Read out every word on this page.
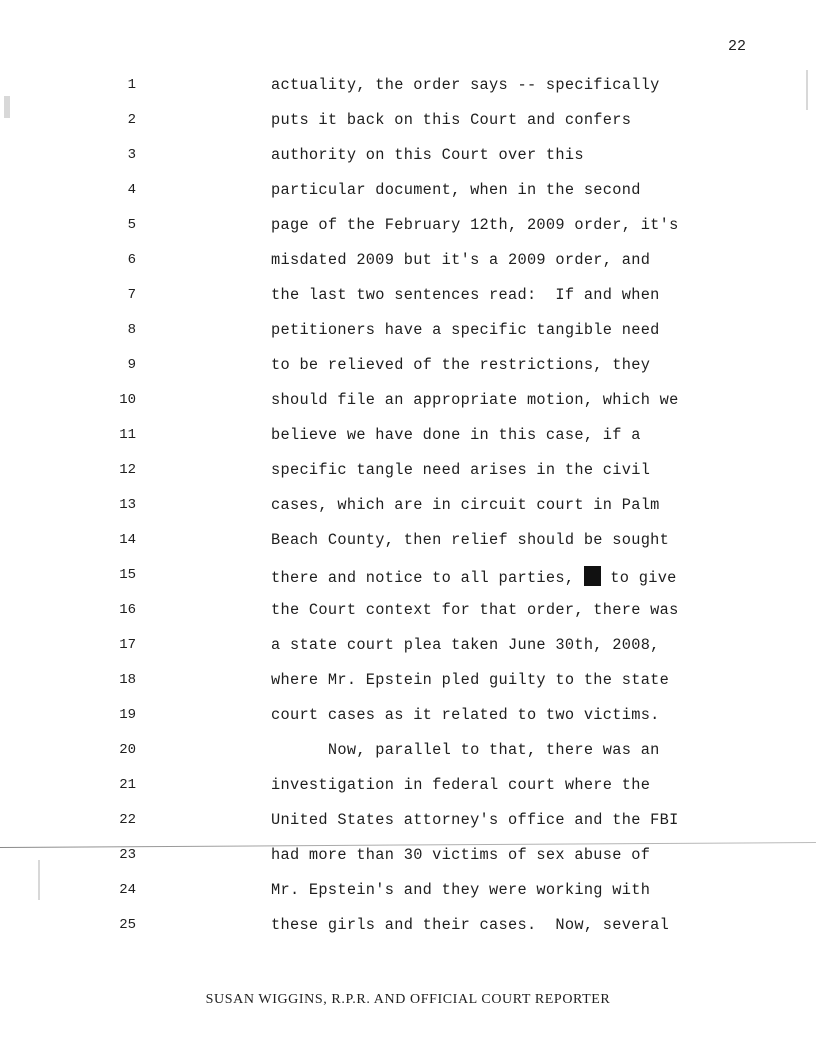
22
1	actuality, the order says -- specifically
2	puts it back on this Court and confers
3	authority on this Court over this
4	particular document, when in the second
5	page of the February 12th, 2009 order, it's
6	misdated 2009 but it's a 2009 order, and
7	the last two sentences read:  If and when
8	petitioners have a specific tangible need
9	to be relieved of the restrictions, they
10	should file an appropriate motion, which we
11	believe we have done in this case, if a
12	specific tangle need arises in the civil
13	cases, which are in circuit court in Palm
14	Beach County, then relief should be sought
15	there and notice to all parties,  to give
16	the Court context for that order, there was
17	a state court plea taken June 30th, 2008,
18	where Mr. Epstein pled guilty to the state
19	court cases as it related to two victims.
20	Now, parallel to that, there was an
21	investigation in federal court where the
22	United States attorney's office and the FBI
23	had more than 30 victims of sex abuse of
24	Mr. Epstein's and they were working with
25	these girls and their cases.  Now, several
SUSAN WIGGINS, R.P.R. AND OFFICIAL COURT REPORTER
